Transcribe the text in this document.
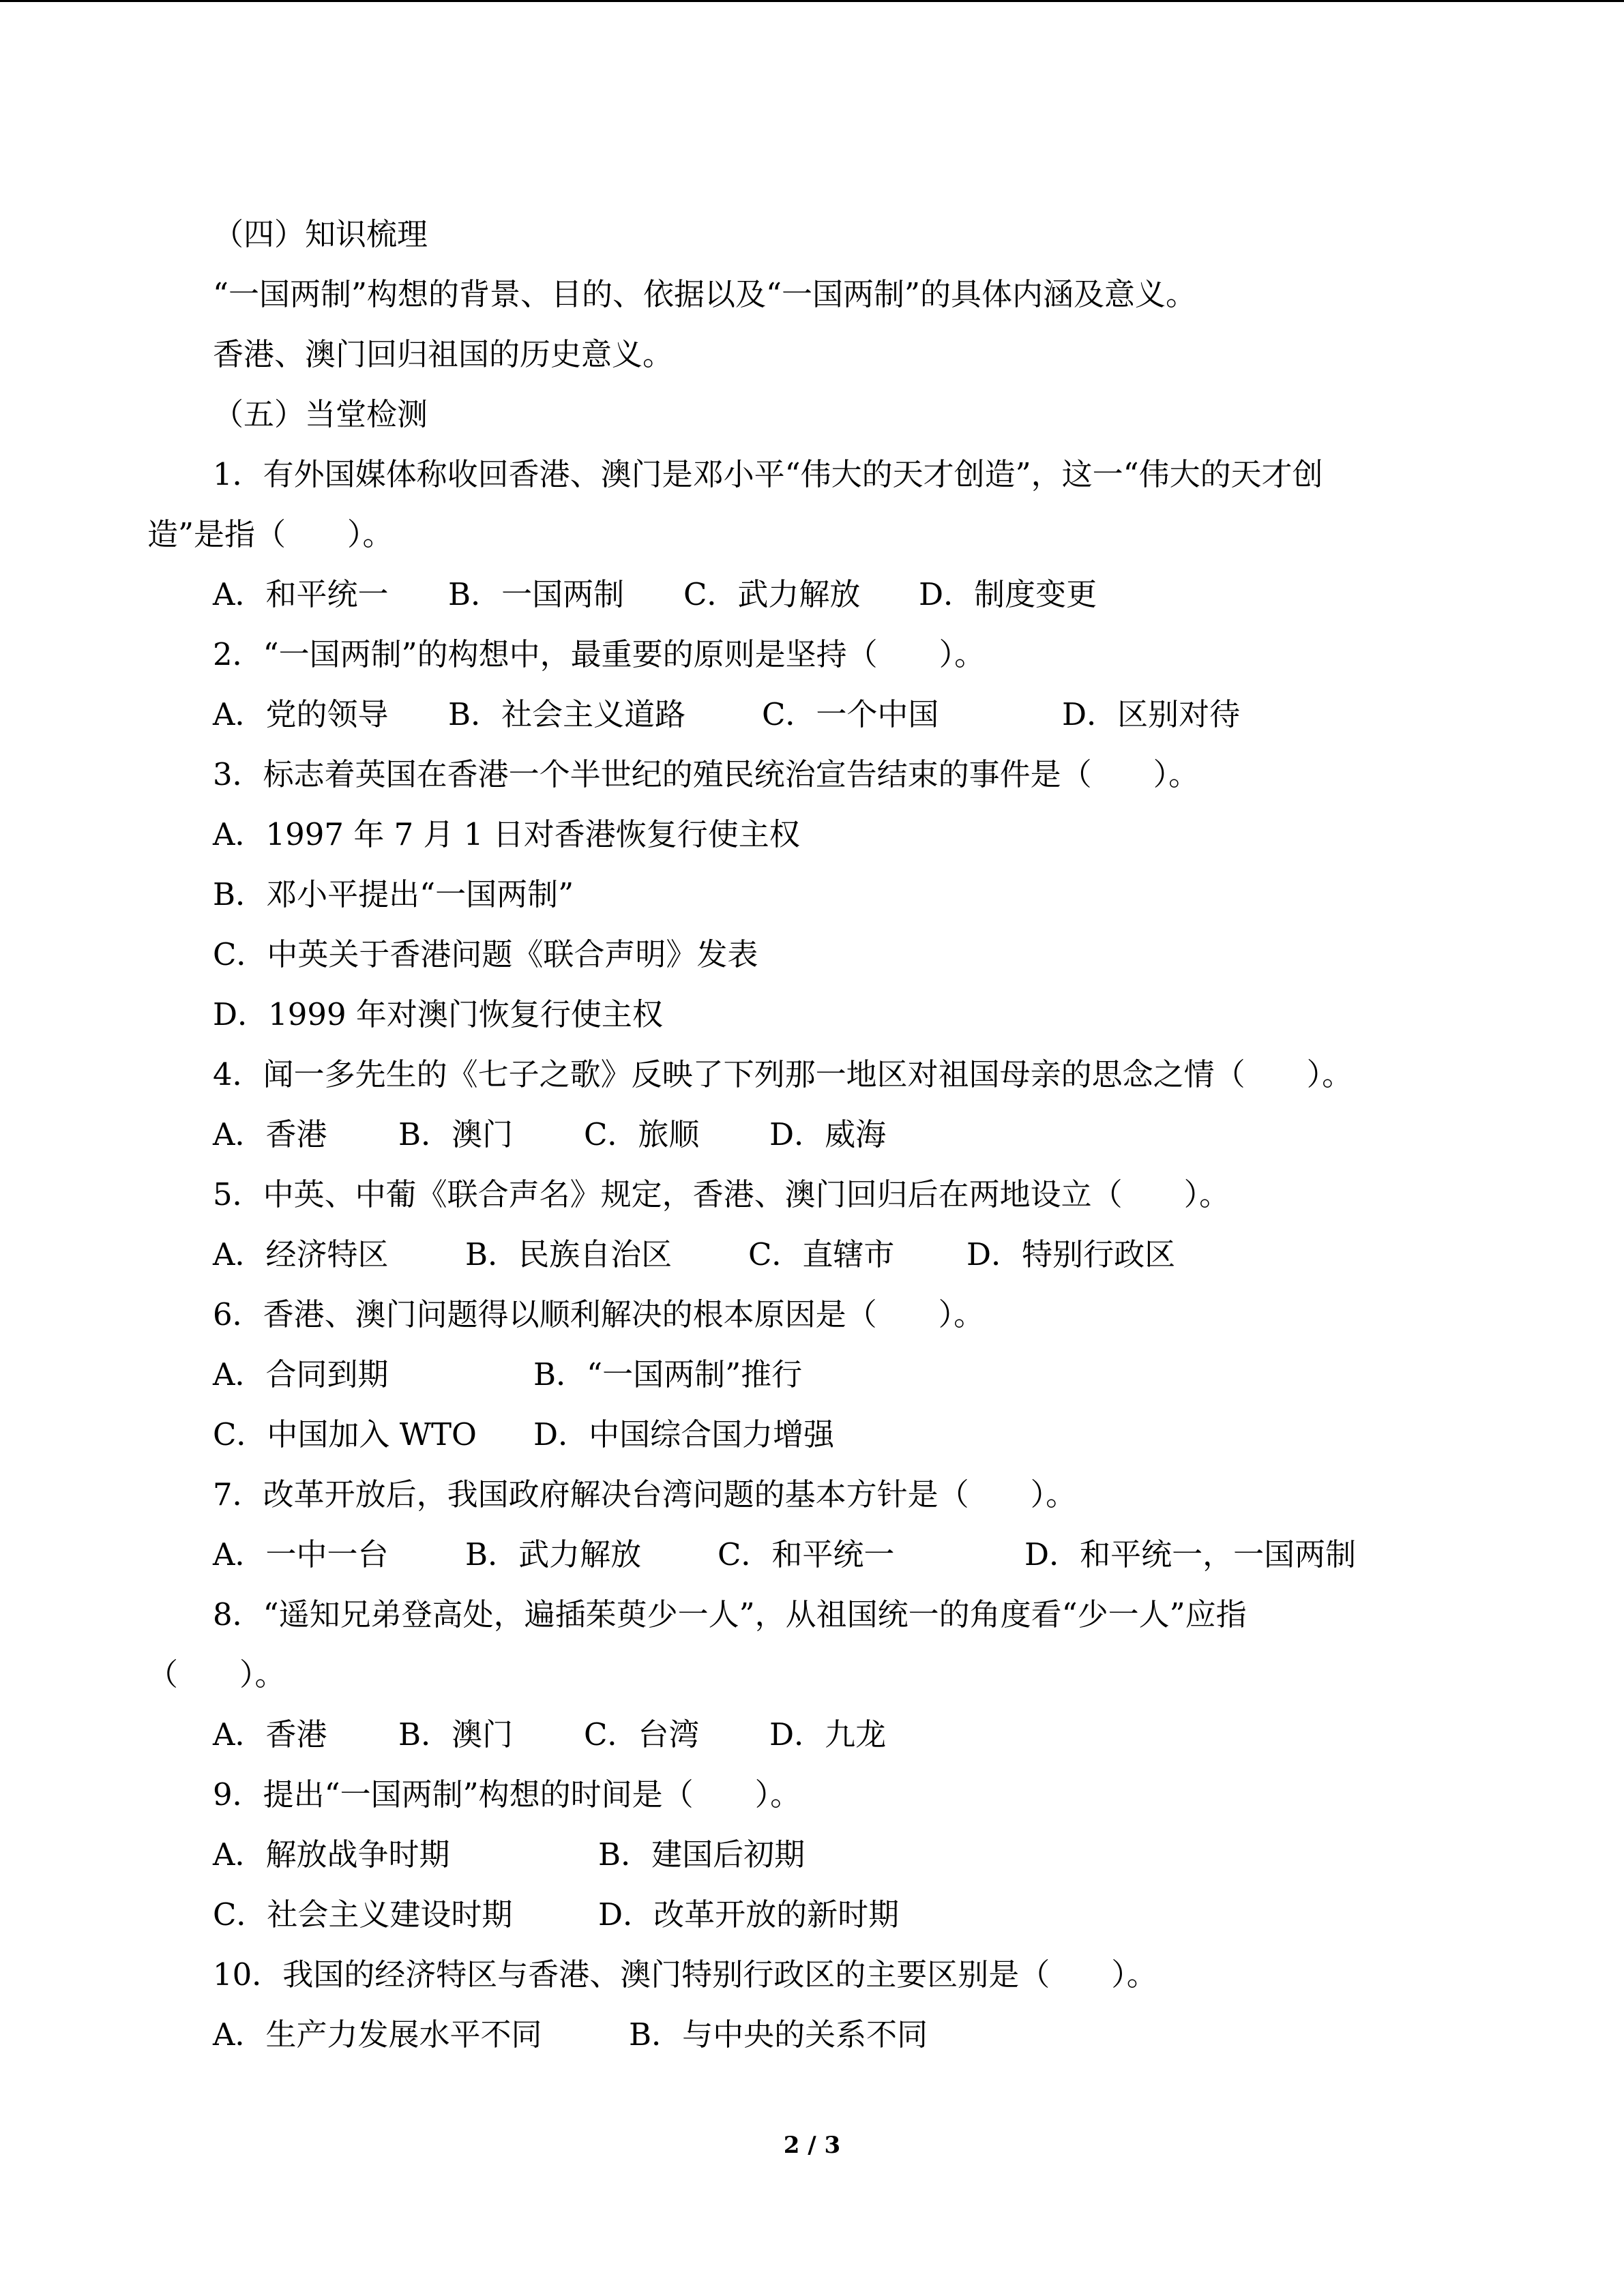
（四）知识梳理
“一国两制”构想的背景、目的、依据以及“一国两制”的具体内涵及意义。
香港、澳门回归祖国的历史意义。
（五）当堂检测
1．有外国媒体称收回香港、澳门是邓小平“伟大的天才创造”，这一“伟大的天才创
造”是指（　　）。
A．和平统一 B．一国两制 C．武力解放 D．制度变更
2．“一国两制”的构想中，最重要的原则是坚持（　　）。
A．党的领导 B．社会主义道路 C．一个中国	D．区别对待
3．标志着英国在香港一个半世纪的殖民统治宣告结束的事件是（　　）。
A．1997 年 7 月 1 日对香港恢复行使主权
B．邓小平提出“一国两制”
C．中英关于香港问题《联合声明》发表
D．1999 年对澳门恢复行使主权
4．闻一多先生的《七子之歌》反映了下列那一地区对祖国母亲的思念之情（　　）。
A．香港 B．澳门 C．旅顺 D．威海
5．中英、中葡《联合声名》规定，香港、澳门回归后在两地设立（　　）。
A．经济特区	B．民族自治区 C．直辖市 D．特别行政区
6．香港、澳门问题得以顺利解决的根本原因是（　　）。
A．合同到期	B．“一国两制”推行
C．中国加入 WTO D．中国综合国力增强
7．改革开放后，我国政府解决台湾问题的基本方针是（　　）。
A．一中一台	B．武力解放 C．和平统一	D．和平统一，一国两制
8．“遥知兄弟登高处，遍插茱萸少一人”，从祖国统一的角度看“少一人”应指
（　　）。
A．香港 B．澳门 C．台湾 D．九龙
9．提出“一国两制”构想的时间是（　　）。
A．解放战争时期	B．建国后初期
C．社会主义建设时期	D．改革开放的新时期
10．我国的经济特区与香港、澳门特别行政区的主要区别是（　　）。
A．生产力发展水平不同	B．与中央的关系不同
2 / 3
